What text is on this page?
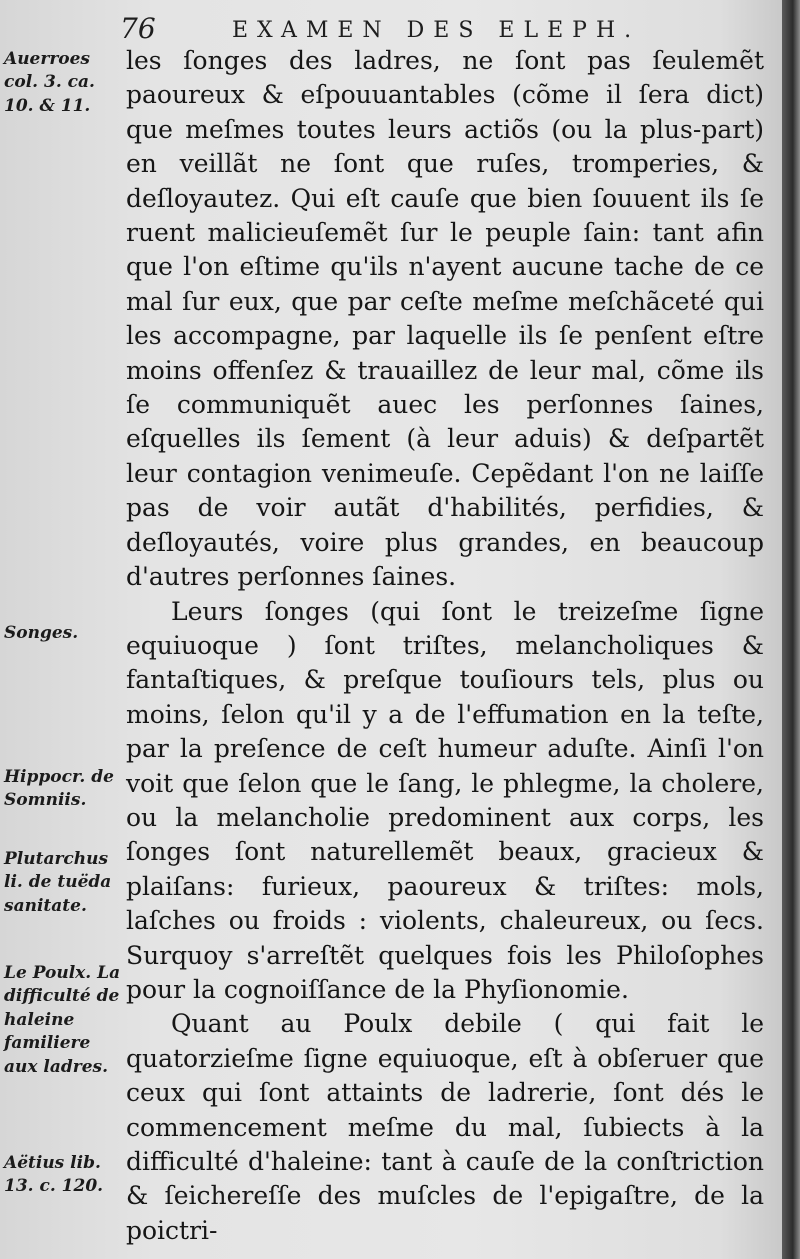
76	EXAMEN DES ELEPH.

Auerroes col. 3. ca. 10. & 11.

Songes.

Hippocr. de Somniis.

Plutarchus li. de tuëda sanitate.

Le Poulx. La difficulté de haleine familiere aux ladres.

Aëtius lib. 13. c. 120.

les ſonges des ladres, ne ſont pas ſeulemẽt paoureux & eſpouuantables (cõme il ſera dict) que meſmes toutes leurs actiõs (ou la plus-part) en veillãt ne ſont que ruſes, tromperies, & deſloyautez. Qui eſt cauſe que bien ſouuent ils ſe ruent malicieuſemẽt ſur le peuple ſain: tant afin que l'on eſtime qu'ils n'ayent aucune tache de ce mal ſur eux, que par ceſte meſme meſchãceté qui les accompagne, par laquelle ils ſe penſent eſtre moins offenſez & trauaillez de leur mal, cõme ils ſe communiquẽt auec les perſonnes ſaines, eſquelles ils ſement (à leur aduis) & deſpartẽt leur contagion venimeuſe. Cepẽdant l'on ne laiſſe pas de voir autãt d'habilités, perfidies, & deſloyautés, voire plus grandes, en beaucoup d'autres perſonnes ſaines.

Leurs ſonges (qui ſont le treizeſme ſigne equiuoque ) ſont triſtes, melancholiques & fantaſtiques, & preſque touſiours tels, plus ou moins, ſelon qu'il y a de l'effumation en la teſte, par la preſence de ceſt humeur aduſte. Ainſi l'on voit que ſelon que le ſang, le phlegme, la cholere, ou la melancholie predominent aux corps, les ſonges ſont naturellemẽt beaux, gracieux & plaiſans: furieux, paoureux & triſtes: mols, laſches ou froids : violents, chaleureux, ou ſecs. Surquoy s'arreſtẽt quelques fois les Philoſophes pour la cognoiſſance de la Phyſionomie.

Quant au Poulx debile ( qui fait le quatorzieſme ſigne equiuoque, eſt à obſeruer que ceux qui ſont attaints de ladrerie, ſont dés le commencement meſme du mal, ſubiects à la difficulté d'haleine: tant à cauſe de la conſtriction & ſeichereſſe des muſcles de l'epigaſtre, de la poictri-
